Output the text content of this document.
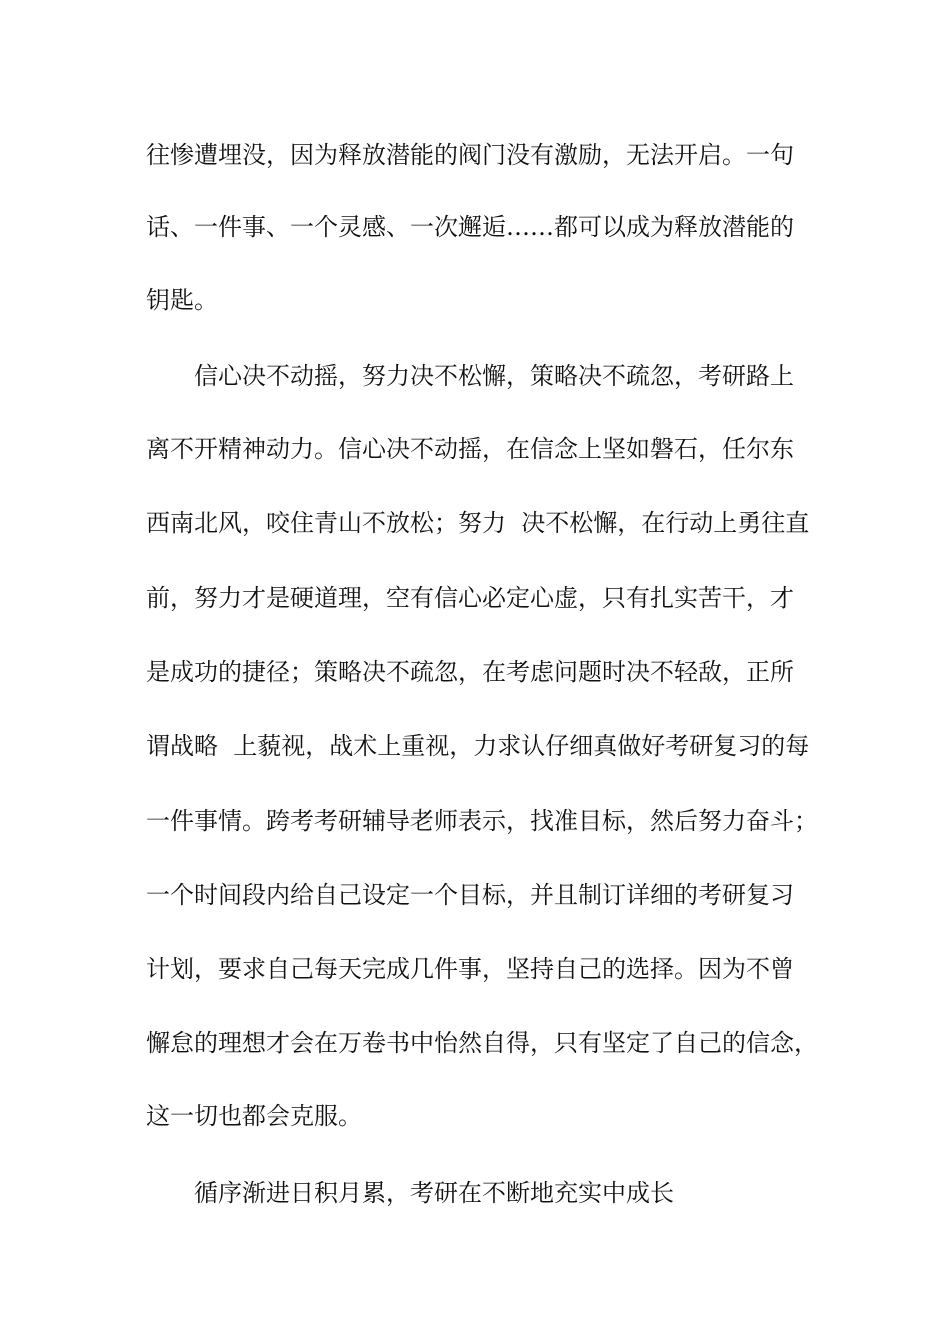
往惨遭埋没，因为释放潜能的阀门没有激励，无法开启。一句
话、一件事、一个灵感、一次邂逅……都可以成为释放潜能的
钥匙。
信心决不动摇，努力决不松懈，策略决不疏忽，考研路上
离不开精神动力。信心决不动摇，在信念上坚如磐石，任尔东
西南北风，咬住青山不放松；努力  决不松懈，在行动上勇往直
前，努力才是硬道理，空有信心必定心虚，只有扎实苦干，才
是成功的捷径；策略决不疏忽，在考虑问题时决不轻敌，正所
谓战略  上藐视，战术上重视，力求认仔细真做好考研复习的每
一件事情。跨考考研辅导老师表示，找准目标，然后努力奋斗；
一个时间段内给自己设定一个目标，并且制订详细的考研复习
计划，要求自己每天完成几件事，坚持自己的选择。因为不曾
懈怠的理想才会在万卷书中怡然自得，只有坚定了自己的信念，
这一切也都会克服。
循序渐进日积月累，考研在不断地充实中成长
